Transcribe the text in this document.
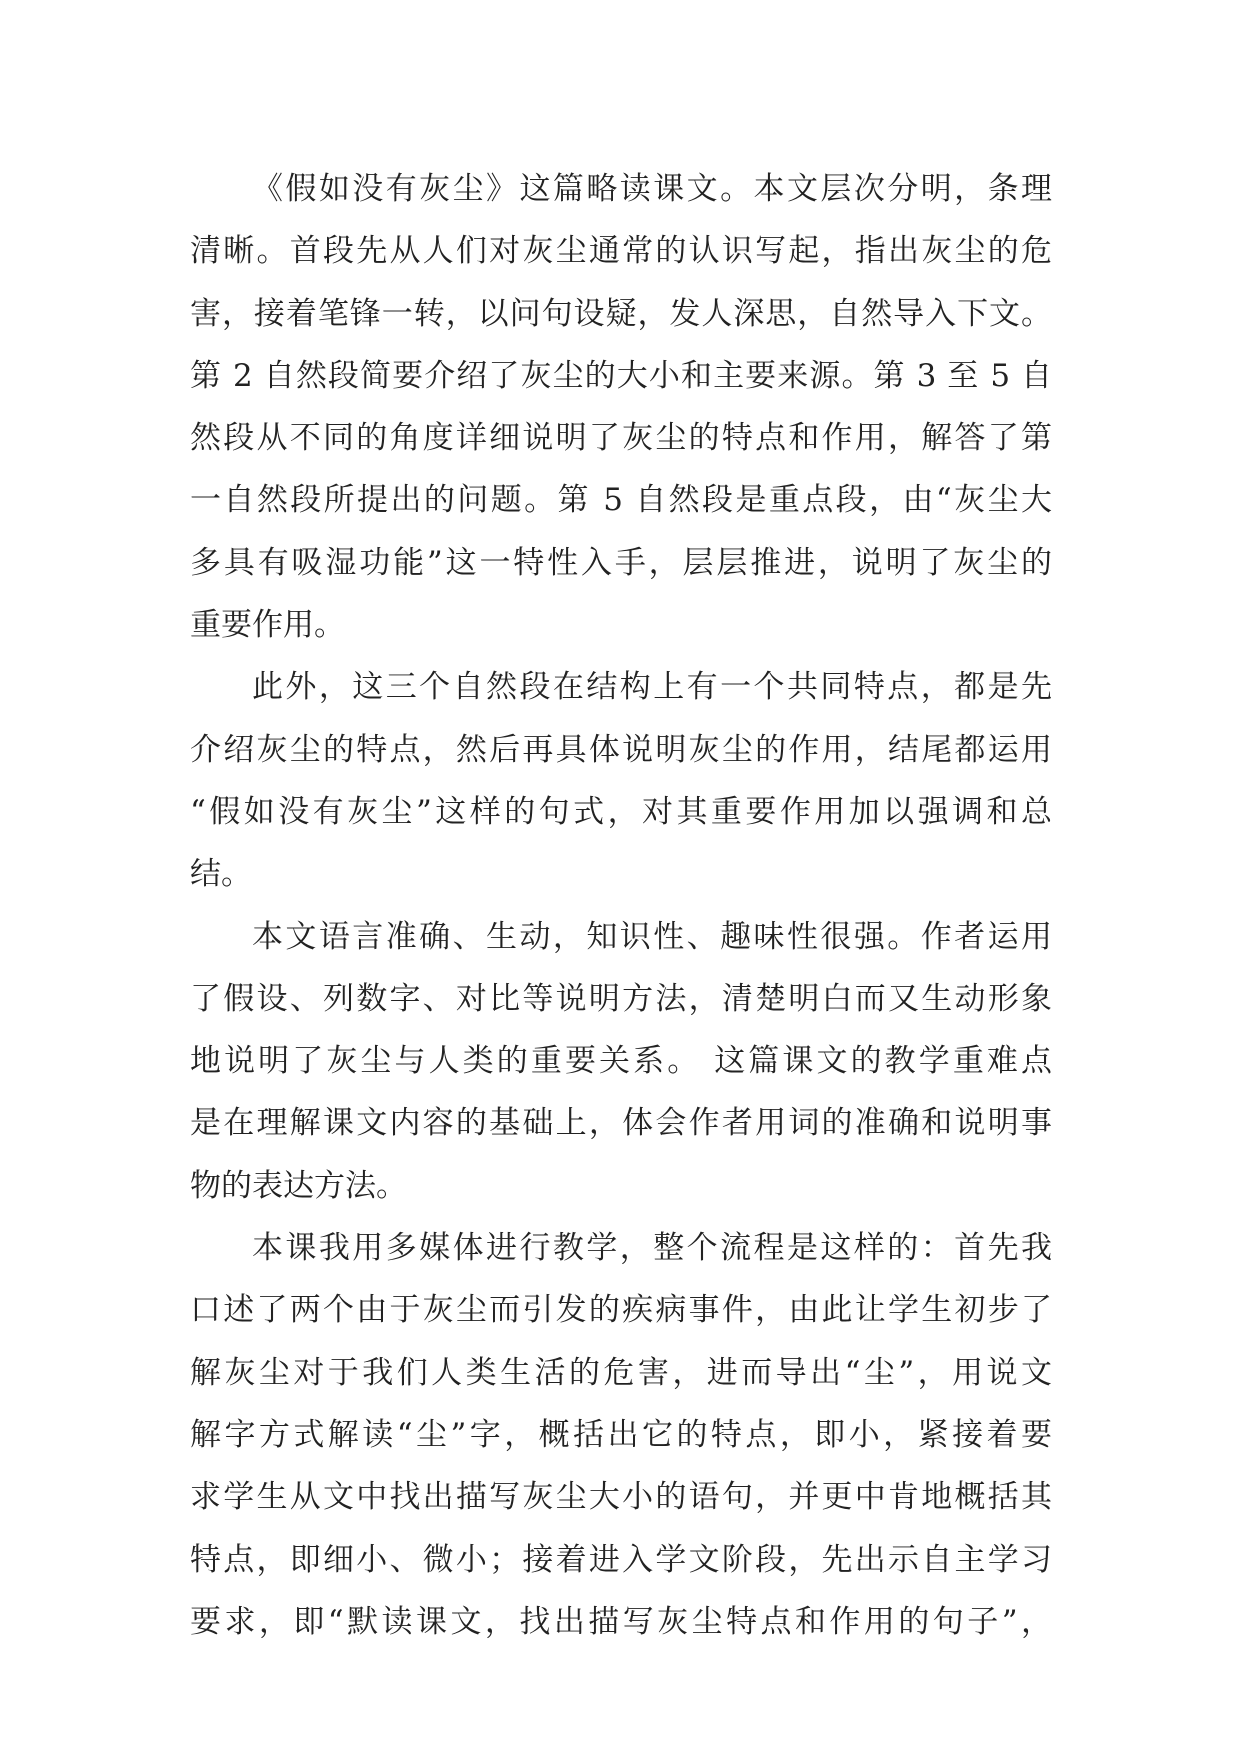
《假如没有灰尘》这篇略读课文。本文层次分明，条理
清晰。首段先从人们对灰尘通常的认识写起，指出灰尘的危
害，接着笔锋一转，以问句设疑，发人深思，自然导入下文。
第 2 自然段简要介绍了灰尘的大小和主要来源。第 3 至 5 自
然段从不同的角度详细说明了灰尘的特点和作用，解答了第
一自然段所提出的问题。第 5 自然段是重点段，由“灰尘大
多具有吸湿功能”这一特性入手，层层推进，说明了灰尘的
重要作用。
此外，这三个自然段在结构上有一个共同特点，都是先
介绍灰尘的特点，然后再具体说明灰尘的作用，结尾都运用
“假如没有灰尘”这样的句式，对其重要作用加以强调和总
结。
本文语言准确、生动，知识性、趣味性很强。作者运用
了假设、列数字、对比等说明方法，清楚明白而又生动形象
地说明了灰尘与人类的重要关系。 这篇课文的教学重难点
是在理解课文内容的基础上，体会作者用词的准确和说明事
物的表达方法。
本课我用多媒体进行教学，整个流程是这样的：首先我
口述了两个由于灰尘而引发的疾病事件，由此让学生初步了
解灰尘对于我们人类生活的危害，进而导出“尘”，用说文
解字方式解读“尘”字，概括出它的特点，即小，紧接着要
求学生从文中找出描写灰尘大小的语句，并更中肯地概括其
特点，即细小、微小；接着进入学文阶段，先出示自主学习
要求，即“默读课文，找出描写灰尘特点和作用的句子”，
